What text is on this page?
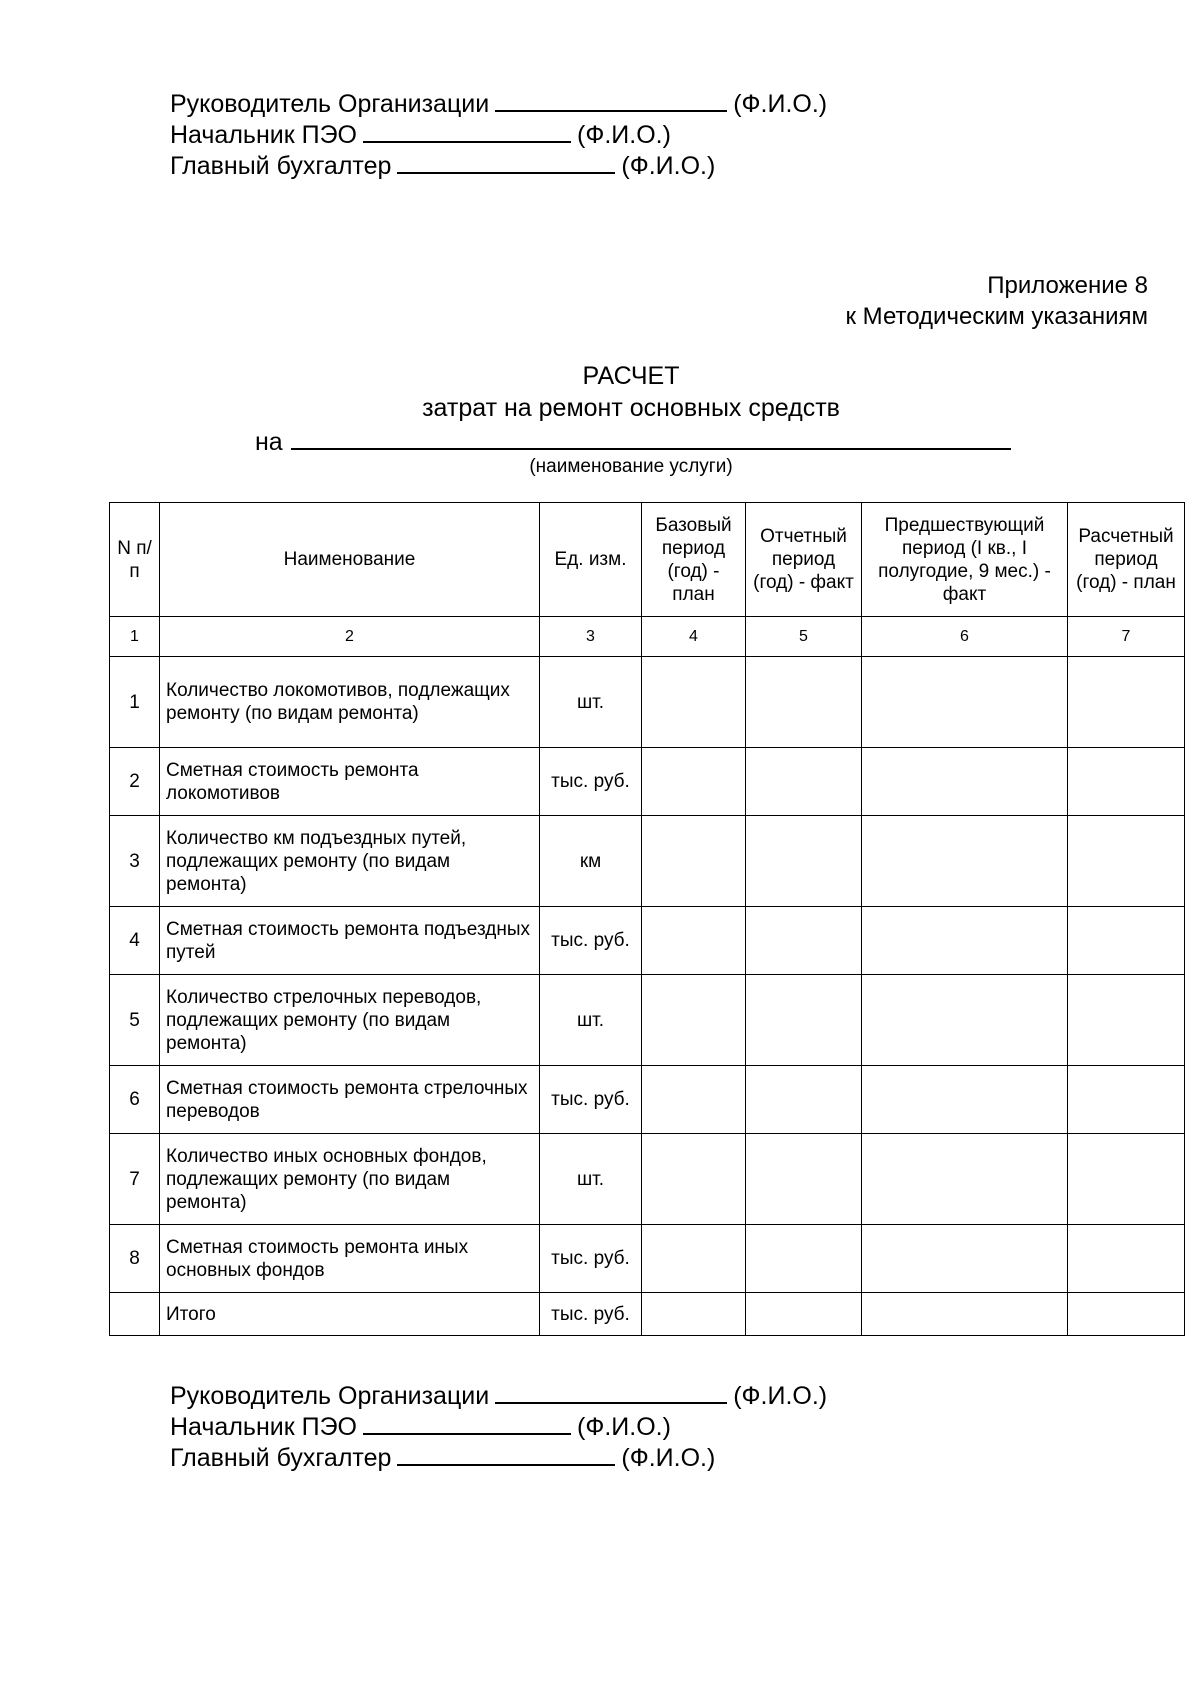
Руководитель Организации	(Ф.И.О.)
Начальник ПЭО	(Ф.И.О.)
Главный бухгалтер	(Ф.И.О.)
Приложение 8
к Методическим указаниям
РАСЧЕТ
затрат на ремонт основных средств
на
(наименование услуги)
N п/п	Наименование	Ед. изм.	Базовый период (год) - план	Отчетный период (год) - факт	Предшествующий период (I кв., I полугодие, 9 мес.) - факт	Расчетный период (год) - план
1	2	3	4	5	6	7
1	Количество локомотивов, подлежащих ремонту (по видам ремонта)	шт.				
2	Сметная стоимость ремонта локомотивов	тыс. руб.				
3	Количество км подъездных путей, подлежащих ремонту (по видам ремонта)	км				
4	Сметная стоимость ремонта подъездных путей	тыс. руб.				
5	Количество стрелочных переводов, подлежащих ремонту (по видам ремонта)	шт.				
6	Сметная стоимость ремонта стрелочных переводов	тыс. руб.				
7	Количество иных основных фондов, подлежащих ремонту (по видам ремонта)	шт.				
8	Сметная стоимость ремонта иных основных фондов	тыс. руб.				
	Итого	тыс. руб.				
Руководитель Организации	(Ф.И.О.)
Начальник ПЭО	(Ф.И.О.)
Главный бухгалтер	(Ф.И.О.)
